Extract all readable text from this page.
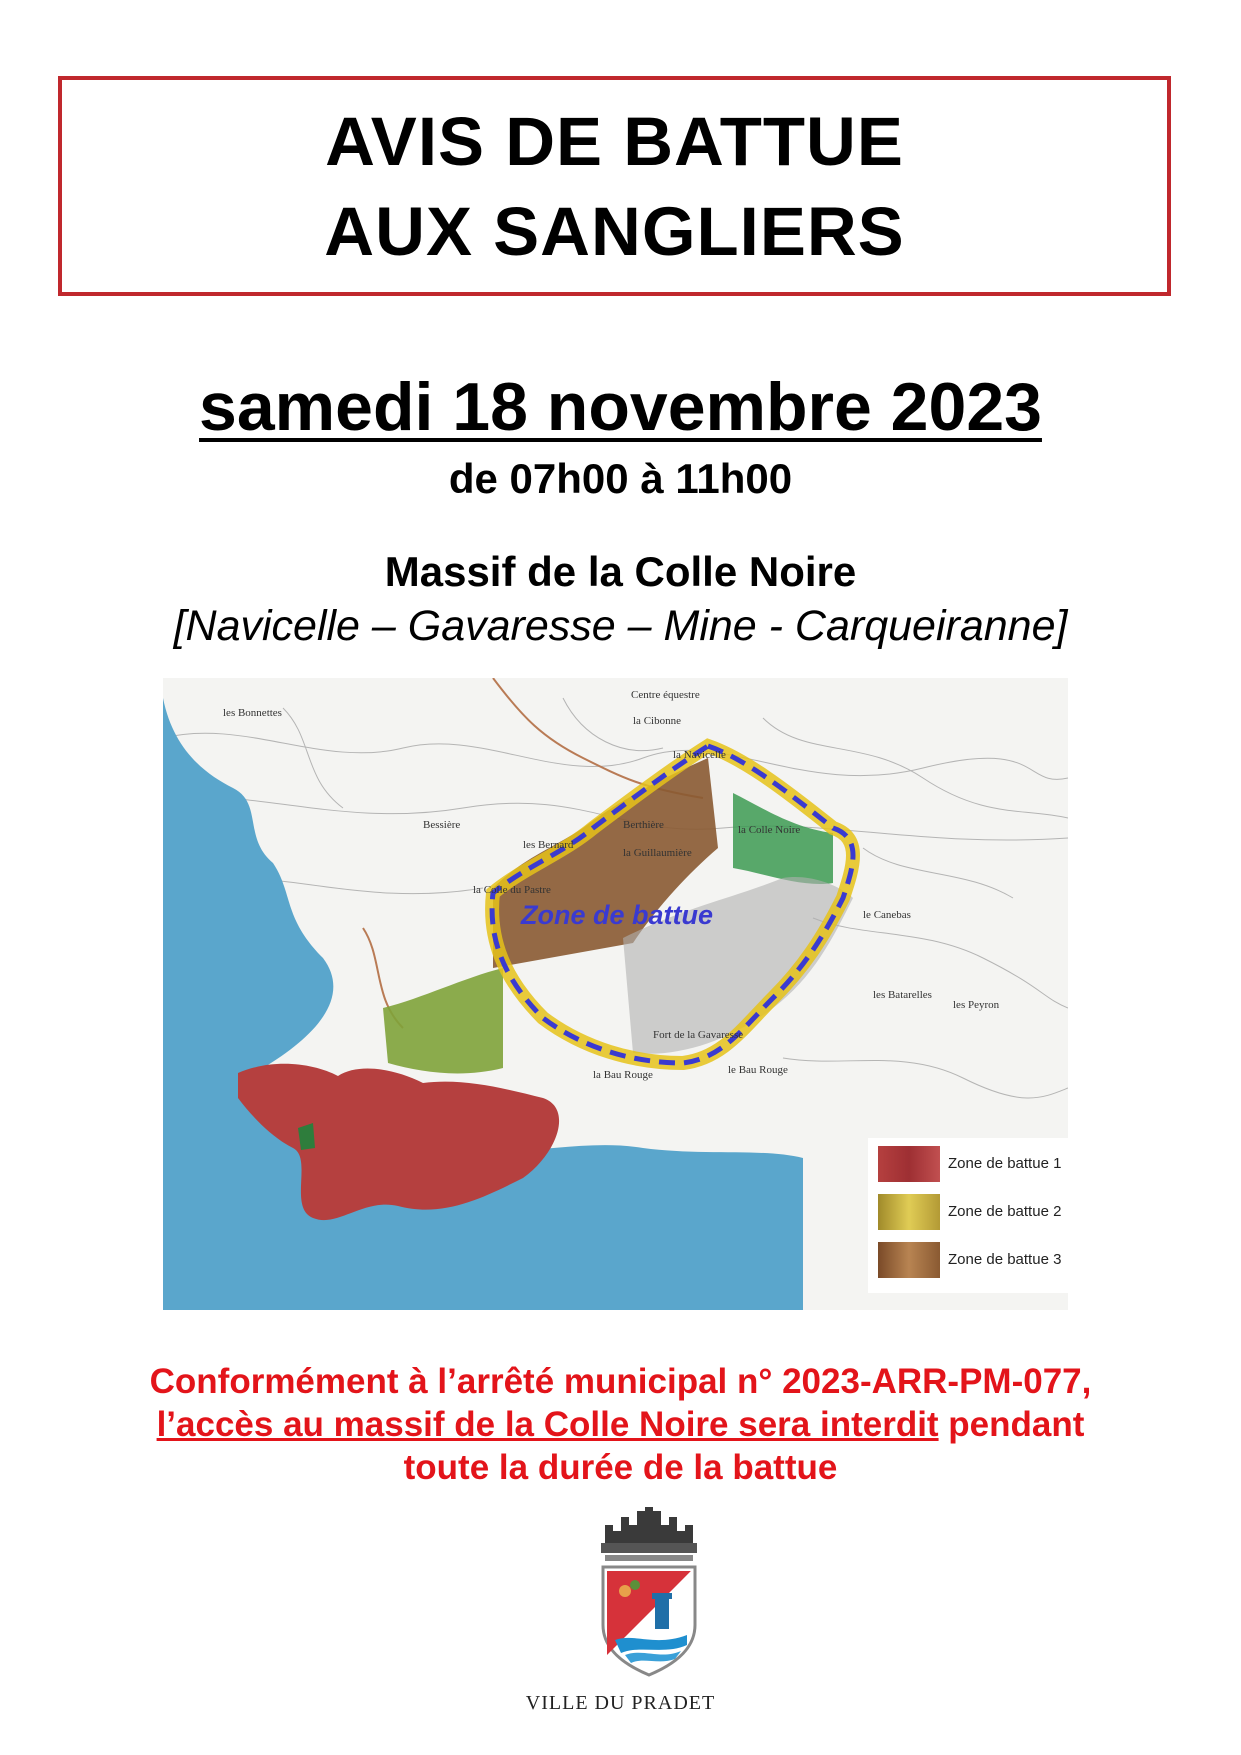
AVIS DE BATTUE
AUX SANGLIERS
samedi 18 novembre 2023
de 07h00 à 11h00
Massif de la Colle Noire
[Navicelle – Gavaresse – Mine - Carqueiranne]
Zone de battue
les Bonnettes
Centre équestre
la Cibonne
la Navicelle
Bessière
les Bernard
Berthière
la Guillaumière
la Colle Noire
la Colle du Pastre
le Canebas
les Batarelles
les Peyron
Fort de la Gavaresse
la Bau Rouge	le Bau Rouge
Zone de battue 1
Zone de battue 2
Zone de battue 3
Conformément à l’arrêté municipal n° 2023-ARR-PM-077,
l’accès au massif de la Colle Noire sera interdit pendant
toute la durée de la battue
VILLE DU PRADET
